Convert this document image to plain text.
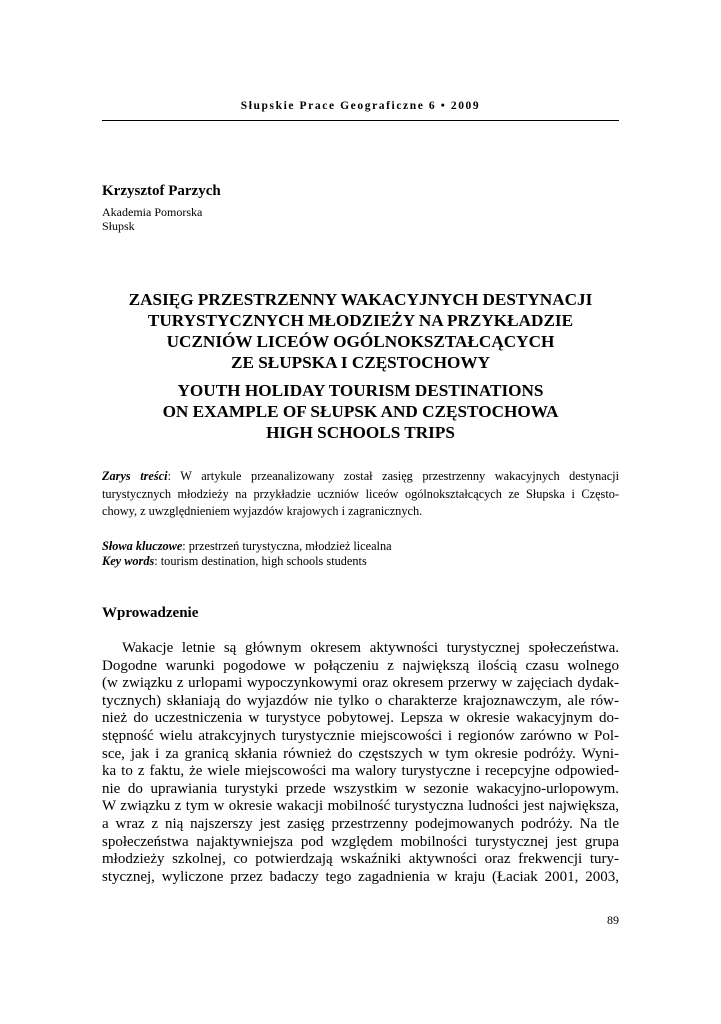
Słupskie Prace Geograficzne 6 • 2009
Krzysztof Parzych
Akademia Pomorska
Słupsk
ZASIĘG PRZESTRZENNY WAKACYJNYCH DESTYNACJI
TURYSTYCZNYCH MŁODZIEŻY NA PRZYKŁADZIE
UCZNIÓW LICEÓW OGÓLNOKSZTAŁCĄCYCH
ZE SŁUPSKA I CZĘSTOCHOWY
YOUTH HOLIDAY TOURISM DESTINATIONS
ON EXAMPLE OF SŁUPSK AND CZĘSTOCHOWA
HIGH SCHOOLS TRIPS
Zarys treści: W artykule przeanalizowany został zasięg przestrzenny wakacyjnych destynacji
turystycznych młodzieży na przykładzie uczniów liceów ogólnokształcących ze Słupska i Często-
chowy, z uwzględnieniem wyjazdów krajowych i zagranicznych.
Słowa kluczowe: przestrzeń turystyczna, młodzież licealna
Key words: tourism destination, high schools students
Wprowadzenie
Wakacje letnie są głównym okresem aktywności turystycznej społeczeństwa.
Dogodne warunki pogodowe w połączeniu z największą ilością czasu wolnego
(w związku z urlopami wypoczynkowymi oraz okresem przerwy w zajęciach dydak-
tycznych) skłaniają do wyjazdów nie tylko o charakterze krajoznawczym, ale rów-
nież do uczestniczenia w turystyce pobytowej. Lepsza w okresie wakacyjnym do-
stępność wielu atrakcyjnych turystycznie miejscowości i regionów zarówno w Pol-
sce, jak i za granicą skłania również do częstszych w tym okresie podróży. Wyni-
ka to z faktu, że wiele miejscowości ma walory turystyczne i recepcyjne odpowied-
nie do uprawiania turystyki przede wszystkim w sezonie wakacyjno-urlopowym.
W związku z tym w okresie wakacji mobilność turystyczna ludności jest największa,
a wraz z nią najszerszy jest zasięg przestrzenny podejmowanych podróży. Na tle
społeczeństwa najaktywniejsza pod względem mobilności turystycznej jest grupa
młodzieży szkolnej, co potwierdzają wskaźniki aktywności oraz frekwencji tury-
stycznej, wyliczone przez badaczy tego zagadnienia w kraju (Łaciak 2001, 2003,
89
